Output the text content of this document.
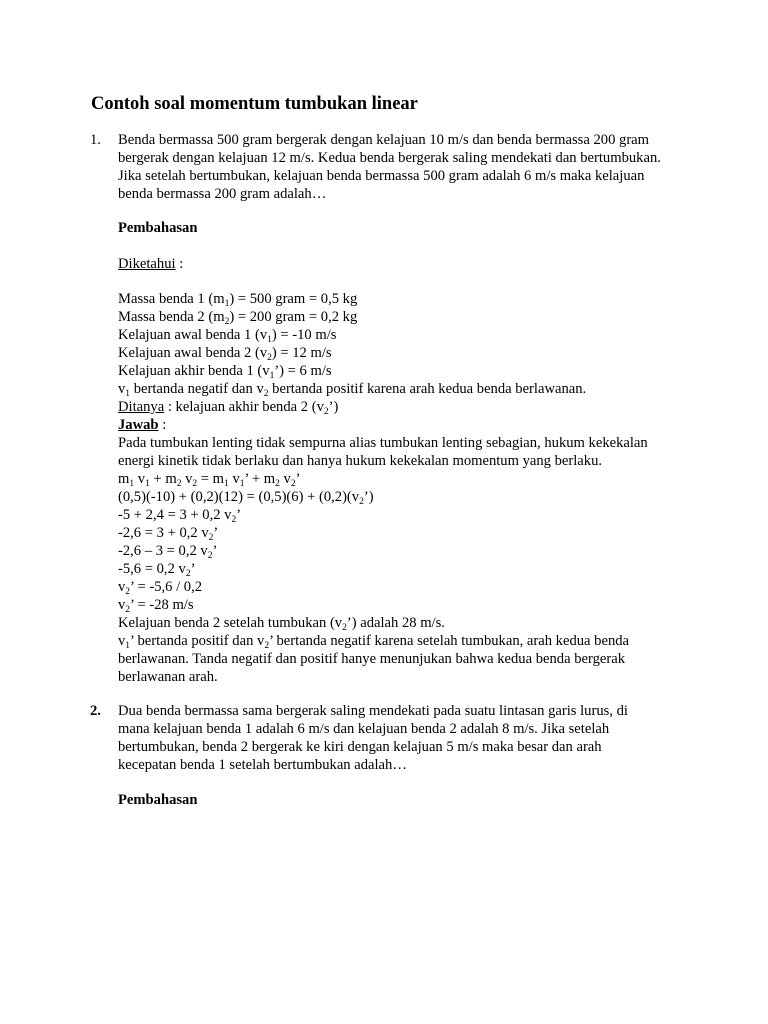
Contoh soal momentum tumbukan linear
1. Benda bermassa 500 gram bergerak dengan kelajuan 10 m/s dan benda bermassa 200 gram
bergerak dengan kelajuan 12 m/s. Kedua benda bergerak saling mendekati dan bertumbukan.
Jika setelah bertumbukan, kelajuan benda bermassa 500 gram adalah 6 m/s maka kelajuan
benda bermassa 200 gram adalah…
Pembahasan
Diketahui :
Massa benda 1 $(m_1) = 500$ gram = 0,5 kg
Massa benda 2 $(m_2) = 200$ gram = 0,2 kg
Kelajuan awal benda 1 $(v_1) = -10$ m/s
Kelajuan awal benda 2 $(v_2) = 12$ m/s
Kelajuan akhir benda 1 $(v_1’) = 6$ m/s
$v_1$ bertanda negatif dan $v_2$ bertanda positif karena arah kedua benda berlawanan.
Ditanya : kelajuan akhir benda 2 $(v_2’)$
Jawab :
Pada tumbukan lenting tidak sempurna alias tumbukan lenting sebagian, hukum kekekalan
energi kinetik tidak berlaku dan hanya hukum kekekalan momentum yang berlaku.
$m_1$ $v_1 + m_2$ $v_2 = m_1$ $v_1$’ + $m_2$ $v_2$’
$(0,5)(-10) + (0,2)(12) = (0,5)(6) + (0,2)(v_2’)$
-5 + 2,4 = 3 + 0,2 $v_2$’
-2,6 = 3 + 0,2 $v_2$’
-2,6 – 3 = 0,2 $v_2$’
-5,6 = 0,2 $v_2$’
$v_2$’ = -5,6 / 0,2
$v_2$’ = -28 m/s
Kelajuan benda 2 setelah tumbukan $(v_2’)$ adalah 28 m/s.
$v_1$’ bertanda positif dan $v_2$’ bertanda negatif karena setelah tumbukan, arah kedua benda
berlawanan. Tanda negatif dan positif hanye menunjukan bahwa kedua benda bergerak
berlawanan arah.
2. Dua benda bermassa sama bergerak saling mendekati pada suatu lintasan garis lurus, di
mana kelajuan benda 1 adalah 6 m/s dan kelajuan benda 2 adalah 8 m/s. Jika setelah
bertumbukan, benda 2 bergerak ke kiri dengan kelajuan 5 m/s maka besar dan arah
kecepatan benda 1 setelah bertumbukan adalah…
Pembahasan
